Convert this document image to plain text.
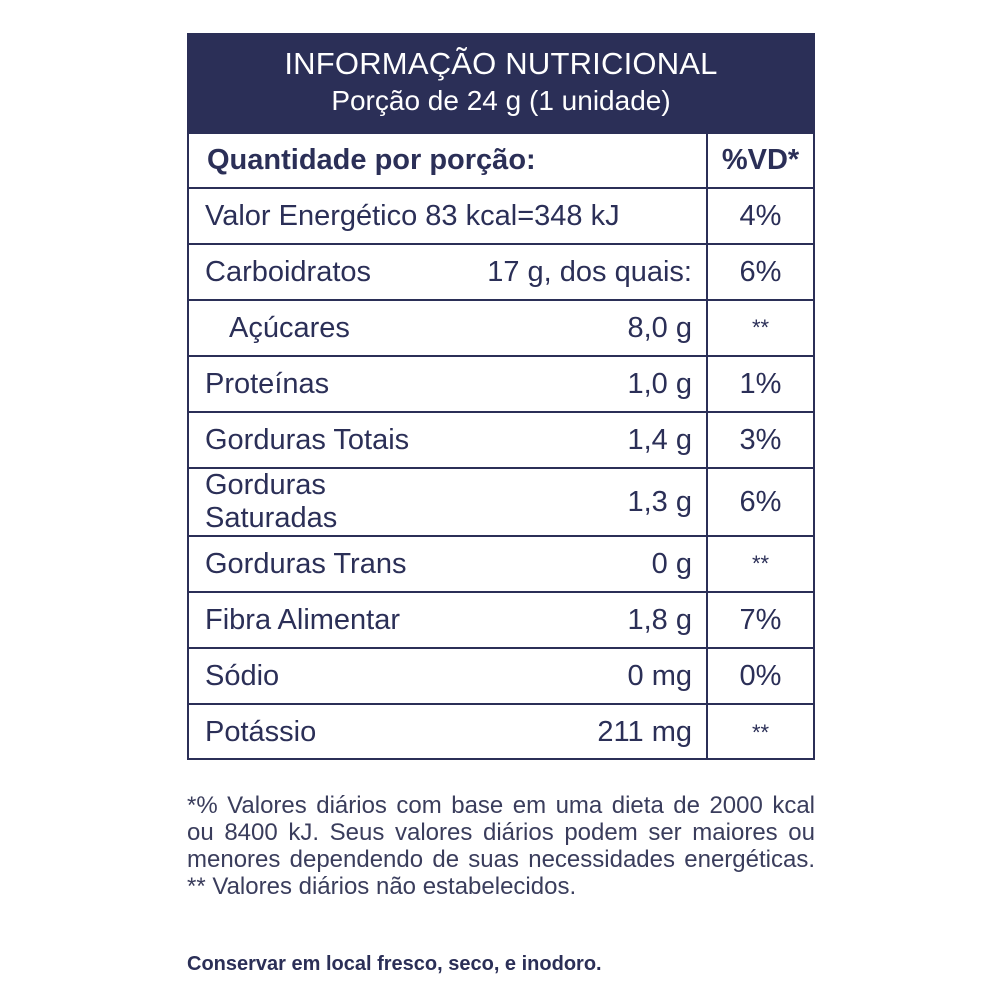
INFORMAÇÃO NUTRICIONAL
Porção de 24 g (1 unidade)
Quantidade por porção:		%VD*
Valor Energético 83 kcal=348 kJ		4%
Carboidratos	17 g, dos quais:	6%
Açúcares	8,0 g	**
Proteínas	1,0 g	1%
Gorduras Totais	1,4 g	3%
Gorduras Saturadas	1,3 g	6%
Gorduras Trans	0 g	**
Fibra Alimentar	1,8 g	7%
Sódio	0 mg	0%
Potássio	211 mg	**
*% Valores diários com base em uma dieta de 2000 kcal ou 8400 kJ. Seus valores diários podem ser maiores ou menores dependendo de suas necessidades energéticas. ** Valores diários não estabelecidos.
Conservar em local fresco, seco, e inodoro.
